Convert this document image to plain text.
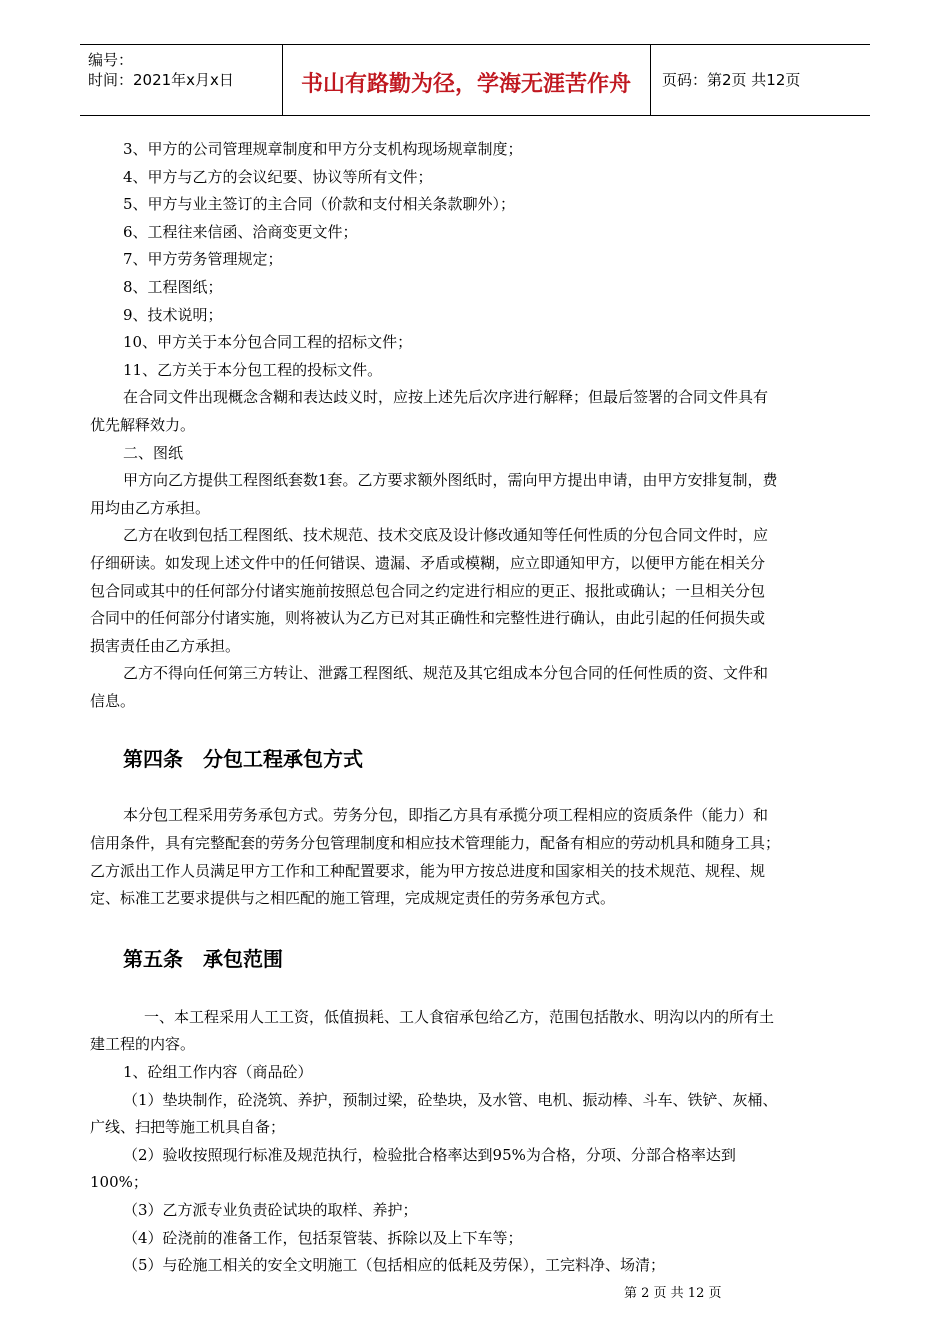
编号：
时间：2021年x月x日	书山有路勤为径，学海无涯苦作舟	页码：第2页 共12页

3、甲方的公司管理规章制度和甲方分支机构现场规章制度；

4、甲方与乙方的会议纪要、协议等所有文件；

5、甲方与业主签订的主合同（价款和支付相关条款聊外）；

6、工程往来信函、洽商变更文件；

7、甲方劳务管理规定；

8、工程图纸；

9、技术说明；

10、甲方关于本分包合同工程的招标文件；

11、乙方关于本分包工程的投标文件。

在合同文件出现概念含糊和表达歧义时，应按上述先后次序进行解释；但最后签署的合同文件具有

优先解释效力。

二、图纸

甲方向乙方提供工程图纸套数1套。乙方要求额外图纸时，需向甲方提出申请，由甲方安排复制，费

用均由乙方承担。

乙方在收到包括工程图纸、技术规范、技术交底及设计修改通知等任何性质的分包合同文件时，应

仔细研读。如发现上述文件中的任何错误、遗漏、矛盾或模糊，应立即通知甲方，以便甲方能在相关分

包合同或其中的任何部分付诸实施前按照总包合同之约定进行相应的更正、报批或确认；一旦相关分包

合同中的任何部分付诸实施，则将被认为乙方已对其正确性和完整性进行确认，由此引起的任何损失或

损害责任由乙方承担。

乙方不得向任何第三方转让、泄露工程图纸、规范及其它组成本分包合同的任何性质的资、文件和

信息。

第四条　分包工程承包方式

本分包工程采用劳务承包方式。劳务分包，即指乙方具有承揽分项工程相应的资质条件（能力）和

信用条件，具有完整配套的劳务分包管理制度和相应技术管理能力，配备有相应的劳动机具和随身工具；

乙方派出工作人员满足甲方工作和工种配置要求，能为甲方按总进度和国家相关的技术规范、规程、规

定、标准工艺要求提供与之相匹配的施工管理，完成规定责任的劳务承包方式。

第五条　承包范围

一、本工程采用人工工资，低值损耗、工人食宿承包给乙方，范围包括散水、明沟以内的所有土

建工程的内容。

1、砼组工作内容（商品砼）

（1）垫块制作，砼浇筑、养护，预制过梁，砼垫块，及水管、电机、振动棒、斗车、铁铲、灰桶、

广线、扫把等施工机具自备；

（2）验收按照现行标准及规范执行，检验批合格率达到95%为合格，分项、分部合格率达到

100%；

（3）乙方派专业负责砼试块的取样、养护；

（4）砼浇前的准备工作，包括泵管装、拆除以及上下车等；

（5）与砼施工相关的安全文明施工（包括相应的低耗及劳保），工完料净、场清；

第 2 页 共 12 页
